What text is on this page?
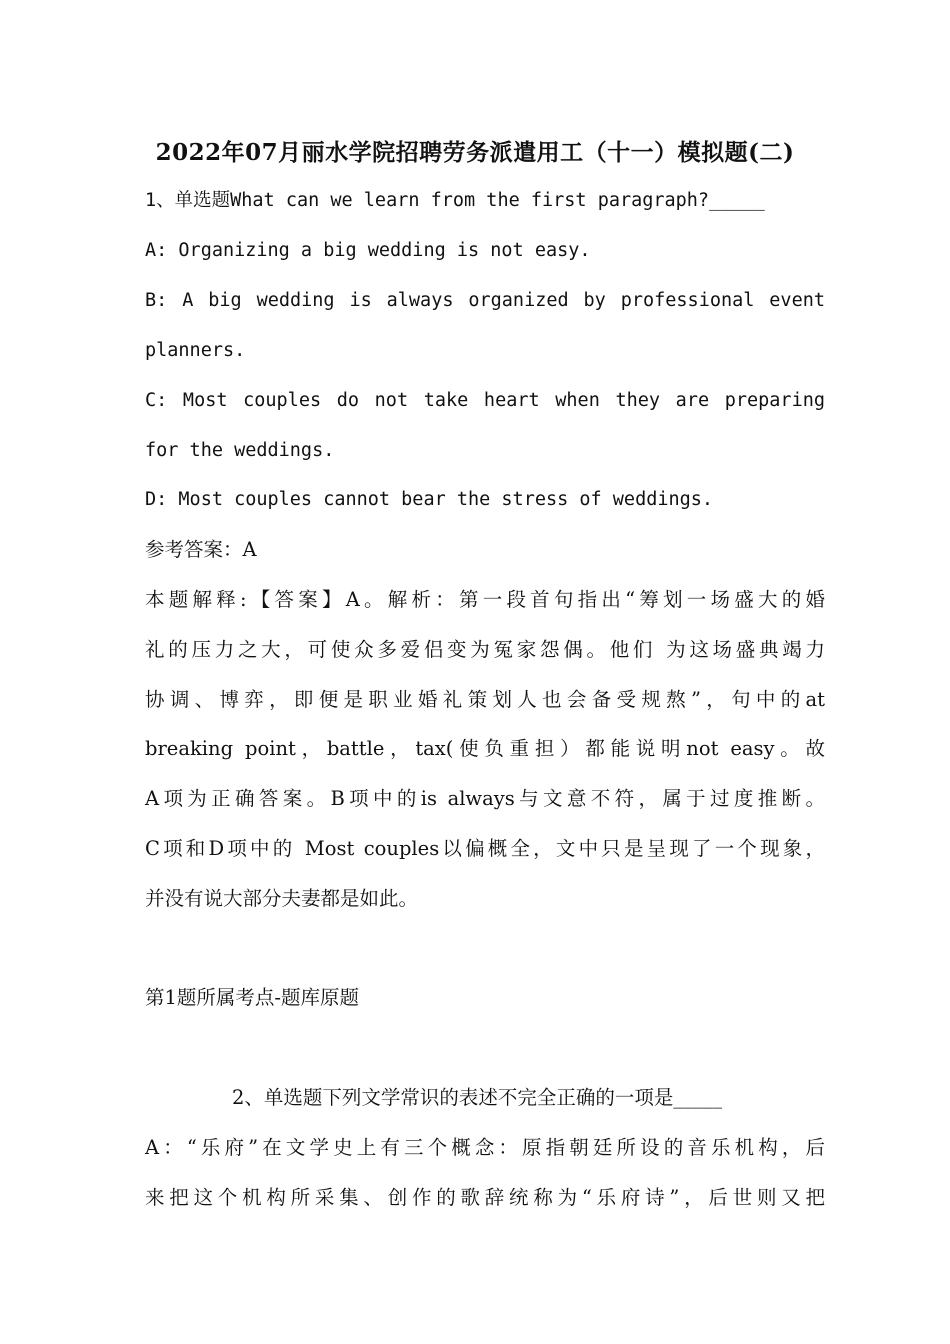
2022年07月丽水学院招聘劳务派遣用工（十一）模拟题(二)
1、单选题What can we learn from the first paragraph?_____
A: Organizing a big wedding is not easy.
B: A big wedding is always organized by professional event
planners.
C: Most couples do not take heart when they are preparing
for the weddings.
D: Most couples cannot bear the stress of weddings.
参考答案：A
本题解释:【答案】A。解析：第一段首句指出“筹划一场盛大的婚
礼的压力之大，可使众多爱侣变为冤家怨偶。他们 为这场盛典竭力
协调、博弈，即便是职业婚礼策划人也会备受规熬”，句中的at
breaking point，battle，tax(使负重担）都能说明not easy。故
A项为正确答案。B项中的is always与文意不符，属于过度推断。
C项和D项中的 Most couples以偏概全，文中只是呈现了一个现象，
并没有说大部分夫妻都是如此。
第1题所属考点-题库原题
2、单选题下列文学常识的表述不完全正确的一项是_____
A：“乐府”在文学史上有三个概念：原指朝廷所设的音乐机构，后
来把这个机构所采集、创作的歌辞统称为“乐府诗”，后世则又把
